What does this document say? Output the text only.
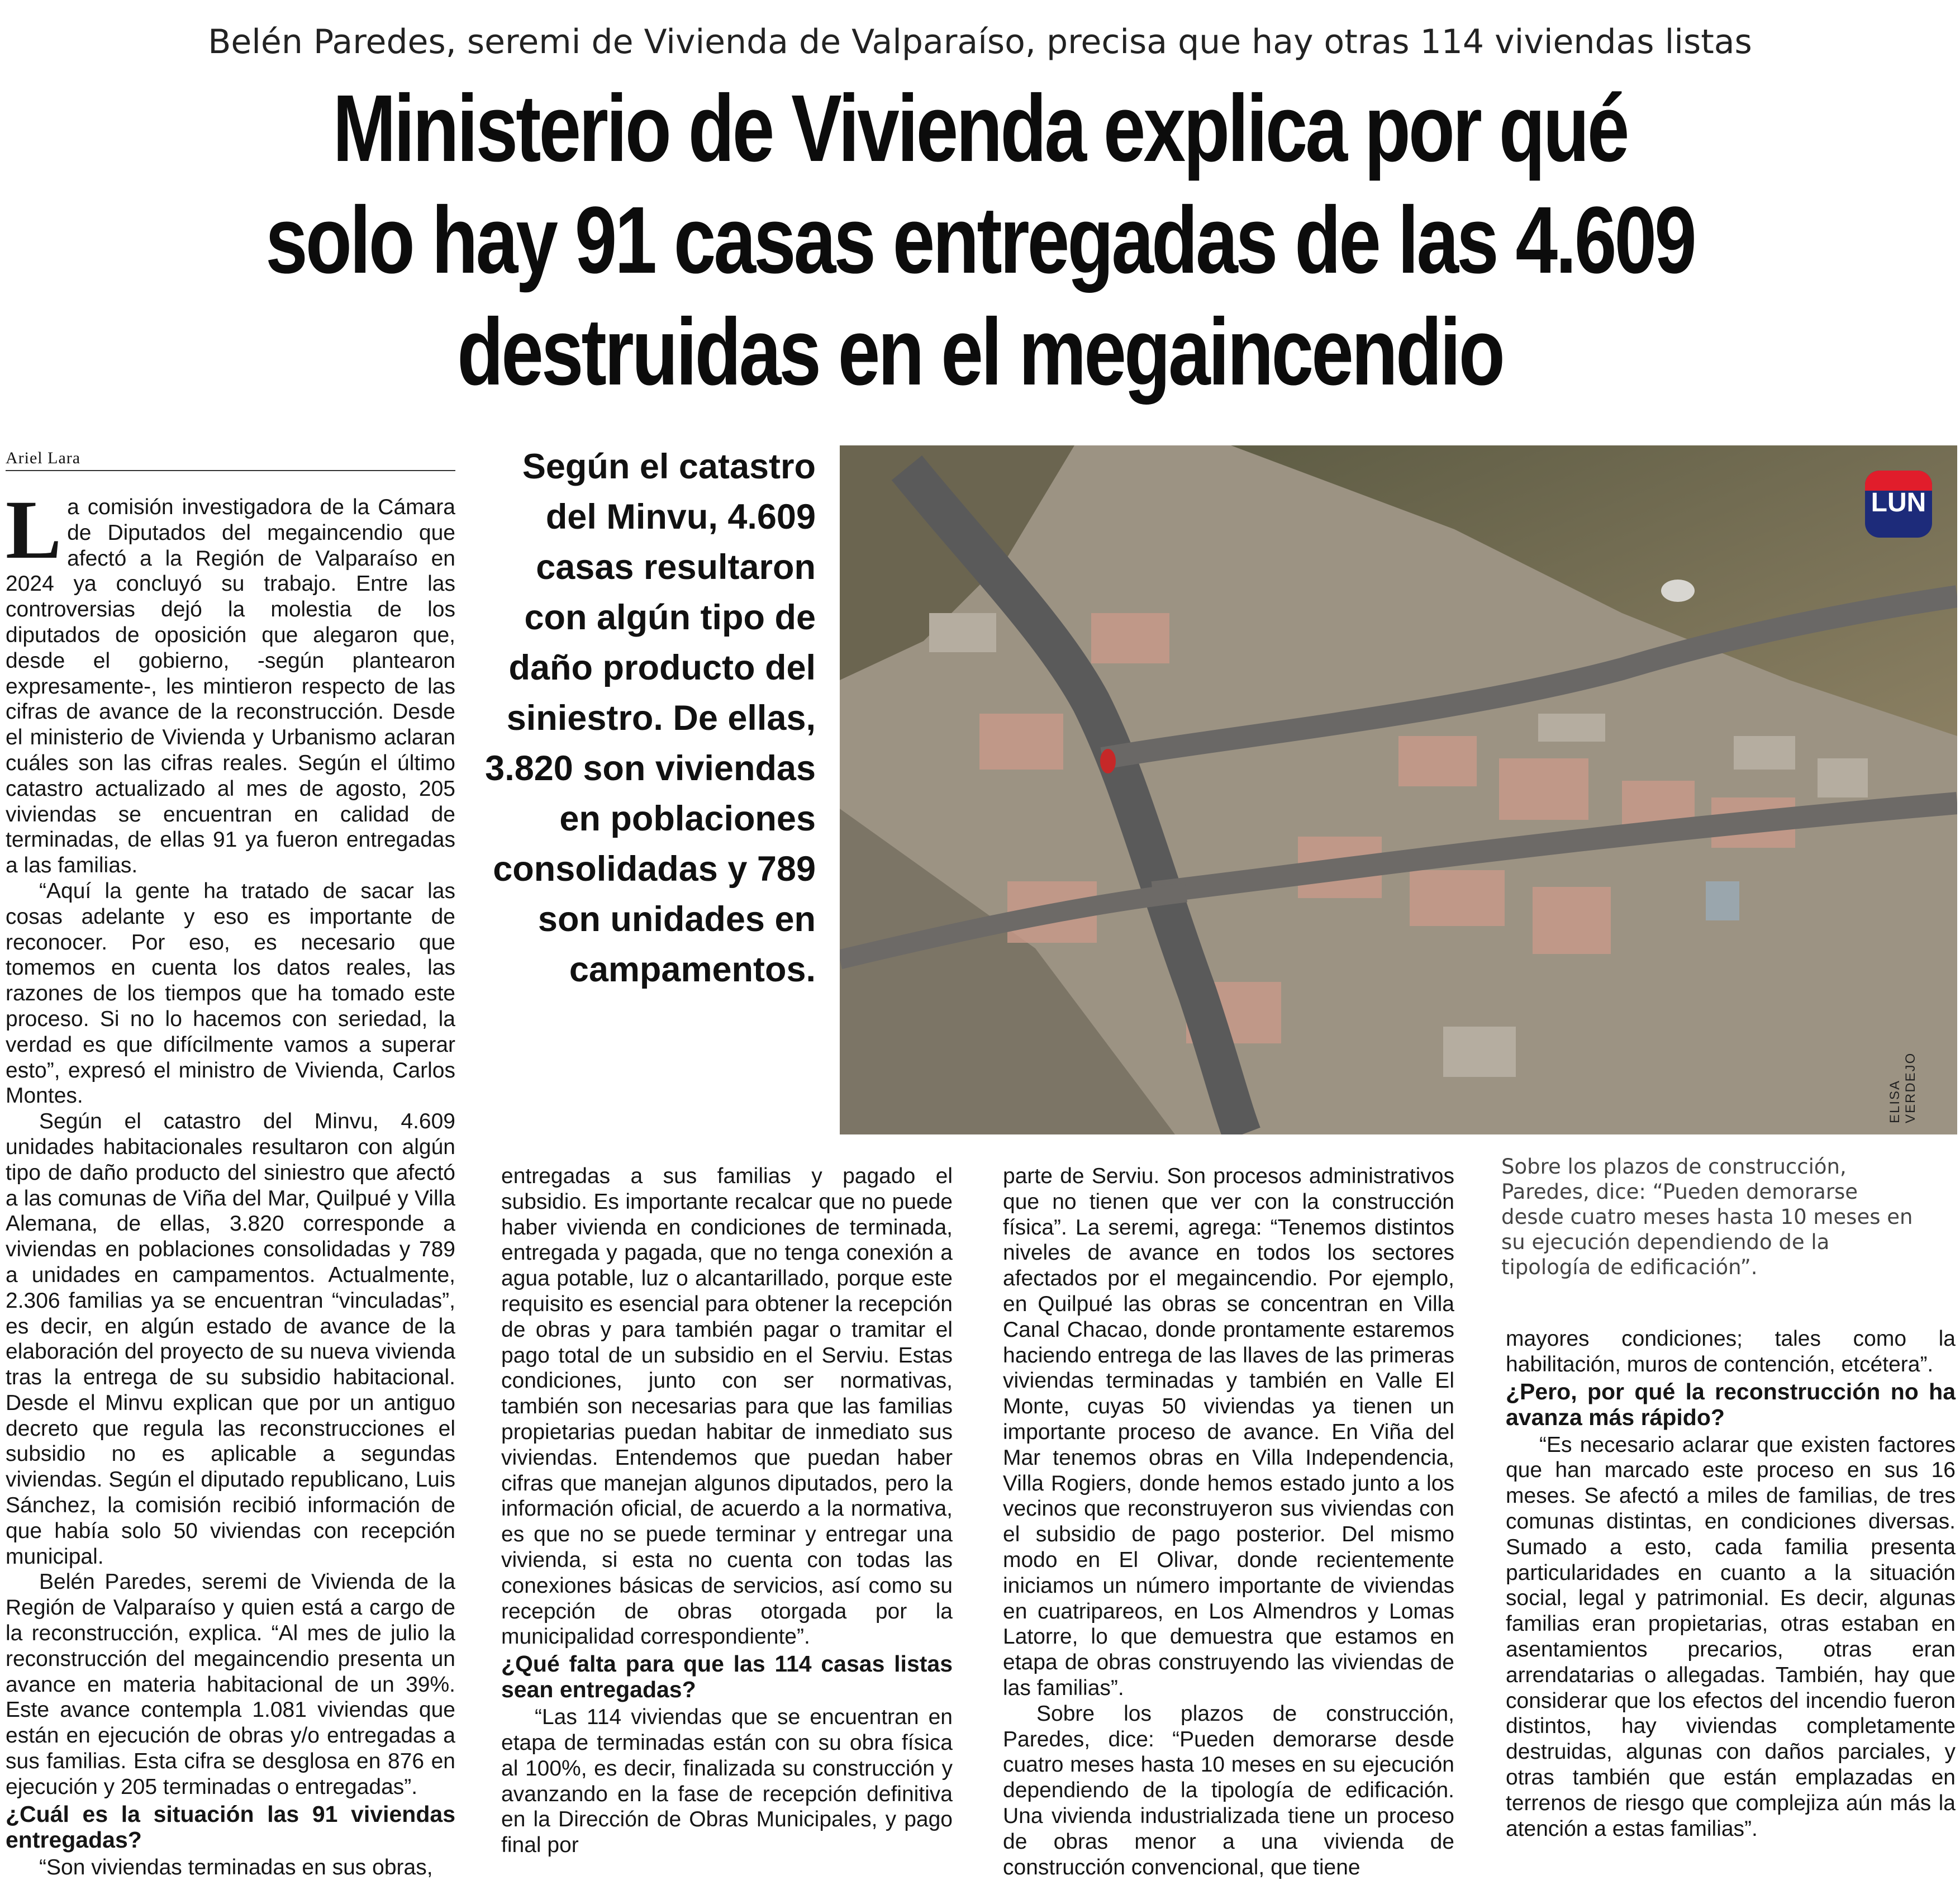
Belén Paredes, seremi de Vivienda de Valparaíso, precisa que hay otras 114 viviendas listas
Ministerio de Vivienda explica por qué
solo hay 91 casas entregadas de las 4.609
destruidas en el megaincendio
Ariel Lara

La comisión investigadora de la Cámara de Diputados del megaincendio que afectó a la Región de Valparaíso en 2024 ya concluyó su trabajo. Entre las controversias dejó la molestia de los diputados de oposición que alegaron que, desde el gobierno, -según plantearon expresamente-, les mintieron respecto de las cifras de avance de la reconstrucción. Desde el ministerio de Vivienda y Urbanismo aclaran cuáles son las cifras reales. Según el último catastro actualizado al mes de agosto, 205 viviendas se encuentran en calidad de terminadas, de ellas 91 ya fueron entregadas a las familias.

“Aquí la gente ha tratado de sacar las cosas adelante y eso es importante de reconocer. Por eso, es necesario que tomemos en cuenta los datos reales, las razones de los tiempos que ha tomado este proceso. Si no lo hacemos con seriedad, la verdad es que difícilmente vamos a superar esto”, expresó el ministro de Vivienda, Carlos Montes.

Según el catastro del Minvu, 4.609 unidades habitacionales resultaron con algún tipo de daño producto del siniestro que afectó a las comunas de Viña del Mar, Quilpué y Villa Alemana, de ellas, 3.820 corresponde a viviendas en poblaciones consolidadas y 789 a unidades en campamentos. Actualmente, 2.306 familias ya se encuentran “vinculadas”, es decir, en algún estado de avance de la elaboración del proyecto de su nueva vivienda tras la entrega de su subsidio habitacional. Desde el Minvu explican que por un antiguo decreto que regula las reconstrucciones el subsidio no es aplicable a segundas viviendas. Según el diputado republicano, Luis Sánchez, la comisión recibió información de que había solo 50 viviendas con recepción municipal.

Belén Paredes, seremi de Vivienda de la Región de Valparaíso y quien está a cargo de la reconstrucción, explica. “Al mes de julio la reconstrucción del megaincendio presenta un avance en materia habitacional de un 39%. Este avance contempla 1.081 viviendas que están en ejecución de obras y/o entregadas a sus familias. Esta cifra se desglosa en 876 en ejecución y 205 terminadas o entregadas”.

¿Cuál es la situación las 91 viviendas entregadas?

“Son viviendas terminadas en sus obras,

Según el catastro del Minvu, 4.609 casas resultaron con algún tipo de daño producto del siniestro. De ellas, 3.820 son viviendas en poblaciones consolidadas y 789 son unidades en campamentos.
LUN
ELISA VERDEJO
Sobre los plazos de construcción, Paredes, dice: “Pueden demorarse desde cuatro meses hasta 10 meses en su ejecución dependiendo de la tipología de edificación”.

entregadas a sus familias y pagado el subsidio. Es importante recalcar que no puede haber vivienda en condiciones de terminada, entregada y pagada, que no tenga conexión a agua potable, luz o alcantarillado, porque este requisito es esencial para obtener la recepción de obras y para también pagar o tramitar el pago total de un subsidio en el Serviu. Estas condiciones, junto con ser normativas, también son necesarias para que las familias propietarias puedan habitar de inmediato sus viviendas. Entendemos que puedan haber cifras que manejan algunos diputados, pero la información oficial, de acuerdo a la normativa, es que no se puede terminar y entregar una vivienda, si esta no cuenta con todas las conexiones básicas de servicios, así como su recepción de obras otorgada por la municipalidad correspondiente”.

¿Qué falta para que las 114 casas listas sean entregadas?

“Las 114 viviendas que se encuentran en etapa de terminadas están con su obra física al 100%, es decir, finalizada su construcción y avanzando en la fase de recepción definitiva en la Dirección de Obras Municipales, y pago final por

parte de Serviu. Son procesos administrativos que no tienen que ver con la construcción física”. La seremi, agrega: “Tenemos distintos niveles de avance en todos los sectores afectados por el megaincendio. Por ejemplo, en Quilpué las obras se concentran en Villa Canal Chacao, donde prontamente estaremos haciendo entrega de las llaves de las primeras viviendas terminadas y también en Valle El Monte, cuyas 50 viviendas ya tienen un importante proceso de avance. En Viña del Mar tenemos obras en Villa Independencia, Villa Rogiers, donde hemos estado junto a los vecinos que reconstruyeron sus viviendas con el subsidio de pago posterior. Del mismo modo en El Olivar, donde recientemente iniciamos un número importante de viviendas en cuatripareos, en Los Almendros y Lomas Latorre, lo que demuestra que estamos en etapa de obras construyendo las viviendas de las familias”.

Sobre los plazos de construcción, Paredes, dice: “Pueden demorarse desde cuatro meses hasta 10 meses en su ejecución dependiendo de la tipología de edificación. Una vivienda industrializada tiene un proceso de obras menor a una vivienda de construcción convencional, que tiene

mayores condiciones; tales como la habilitación, muros de contención, etcétera”.

¿Pero, por qué la reconstrucción no ha avanza más rápido?

“Es necesario aclarar que existen factores que han marcado este proceso en sus 16 meses. Se afectó a miles de familias, de tres comunas distintas, en condiciones diversas. Sumado a esto, cada familia presenta particularidades en cuanto a la situación social, legal y patrimonial. Es decir, algunas familias eran propietarias, otras estaban en asentamientos precarios, otras eran arrendatarias o allegadas. También, hay que considerar que los efectos del incendio fueron distintos, hay viviendas completamente destruidas, algunas con daños parciales, y otras también que están emplazadas en terrenos de riesgo que complejiza aún más la atención a estas familias”.
